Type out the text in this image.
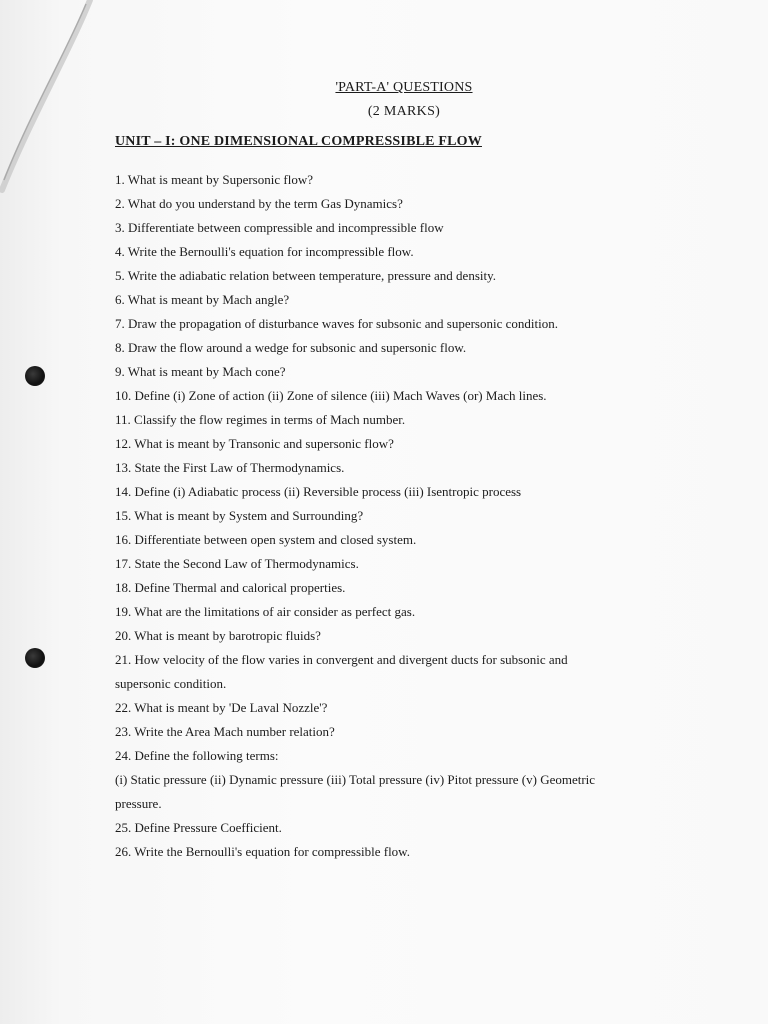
'PART-A' QUESTIONS
(2 MARKS)
UNIT – I: ONE DIMENSIONAL COMPRESSIBLE FLOW
1. What is meant by Supersonic flow?
2. What do you understand by the term Gas Dynamics?
3. Differentiate between compressible and incompressible flow
4. Write the Bernoulli's equation for incompressible flow.
5. Write the adiabatic relation between temperature, pressure and density.
6. What is meant by Mach angle?
7. Draw the propagation of disturbance waves for subsonic and supersonic condition.
8. Draw the flow around a wedge for subsonic and supersonic flow.
9. What is meant by Mach cone?
10. Define (i) Zone of action (ii) Zone of silence (iii) Mach Waves (or) Mach lines.
11. Classify the flow regimes in terms of Mach number.
12. What is meant by Transonic and supersonic flow?
13. State the First Law of Thermodynamics.
14. Define (i) Adiabatic process (ii) Reversible process (iii) Isentropic process
15. What is meant by System and Surrounding?
16. Differentiate between open system and closed system.
17. State the Second Law of Thermodynamics.
18. Define Thermal and calorical properties.
19. What are the limitations of air consider as perfect gas.
20. What is meant by barotropic fluids?
21. How velocity of the flow varies in convergent and divergent ducts for subsonic and
supersonic condition.
22. What is meant by 'De Laval Nozzle'?
23. Write the Area Mach number relation?
24. Define the following terms:
(i) Static pressure (ii) Dynamic pressure (iii) Total pressure (iv) Pitot pressure (v) Geometric
pressure.
25. Define Pressure Coefficient.
26. Write the Bernoulli's equation for compressible flow.
